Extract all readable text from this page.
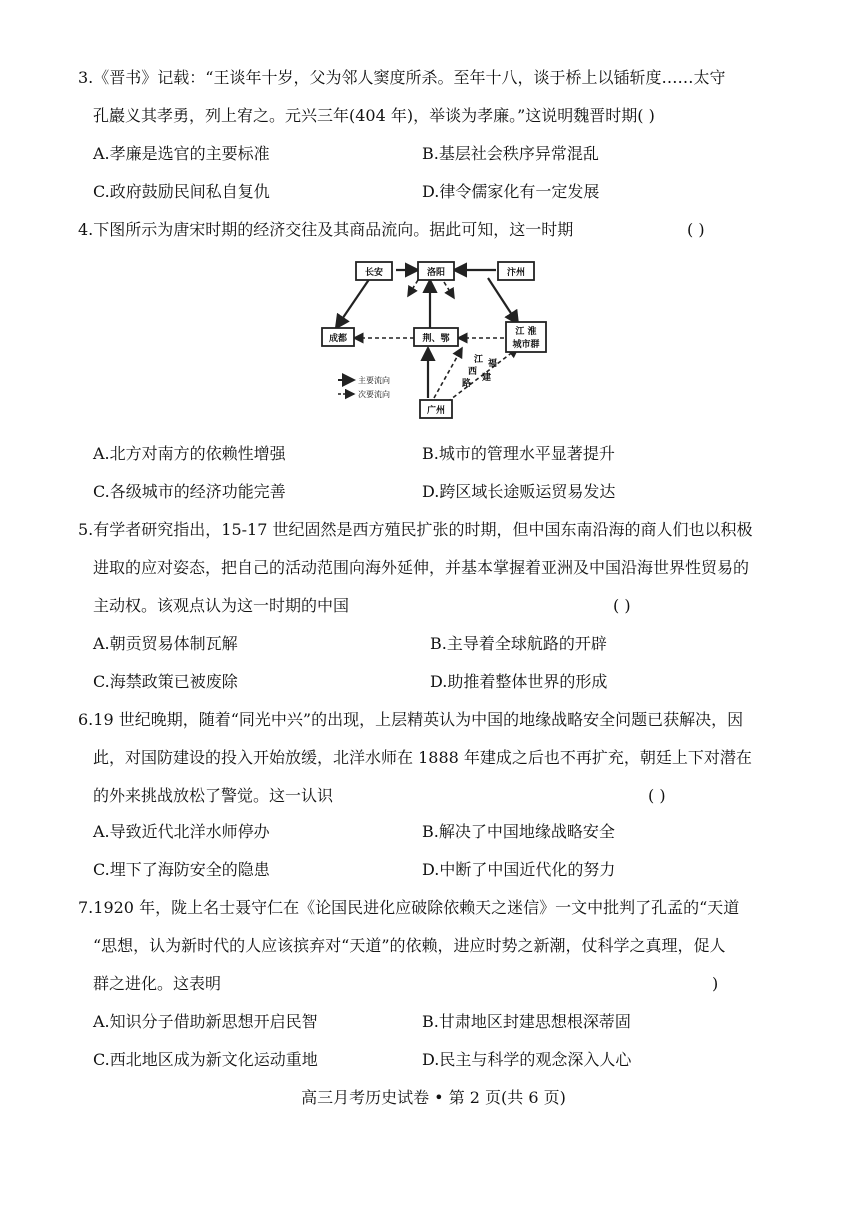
3.《晋书》记载：“王谈年十岁，父为邻人窦度所杀。至年十八，谈于桥上以锸斩度……太守
孔巖义其孝勇，列上宥之。元兴三年(404 年)，举谈为孝廉。”这说明魏晋时期( )
A.孝廉是选官的主要标准	B.基层社会秩序异常混乱
C.政府鼓励民间私自复仇	D.律令儒家化有一定发展
4.下图所示为唐宋时期的经济交往及其商品流向。据此可知，这一时期	( )
长安	洛阳	汴州
成都	荆、鄂
江 淮
城市群
广州
江
西
路
福
建
主要流向
次要流向
A.北方对南方的依赖性增强	B.城市的管理水平显著提升
C.各级城市的经济功能完善	D.跨区域长途贩运贸易发达
5.有学者研究指出，15-17 世纪固然是西方殖民扩张的时期，但中国东南沿海的商人们也以积极
进取的应对姿态，把自己的活动范围向海外延伸，并基本掌握着亚洲及中国沿海世界性贸易的
主动权。该观点认为这一时期的中国	( )
A.朝贡贸易体制瓦解	B.主导着全球航路的开辟
C.海禁政策已被废除	D.助推着整体世界的形成
6.19 世纪晚期，随着“同光中兴”的出现，上层精英认为中国的地缘战略安全问题已获解决，因
此，对国防建设的投入开始放缓，北洋水师在 1888 年建成之后也不再扩充，朝廷上下对潜在
的外来挑战放松了警觉。这一认识	( )
A.导致近代北洋水师停办	B.解决了中国地缘战略安全
C.埋下了海防安全的隐患	D.中断了中国近代化的努力
7.1920 年，陇上名士聂守仁在《论国民进化应破除依赖天之迷信》一文中批判了孔孟的“天道
“思想，认为新时代的人应该摈弃对“天道”的依赖，进应时势之新潮，仗科学之真理，促人
群之进化。这表明	)
A.知识分子借助新思想开启民智	B.甘肃地区封建思想根深蒂固
C.西北地区成为新文化运动重地	D.民主与科学的观念深入人心
高三月考历史试卷 • 第 2 页(共 6 页)
